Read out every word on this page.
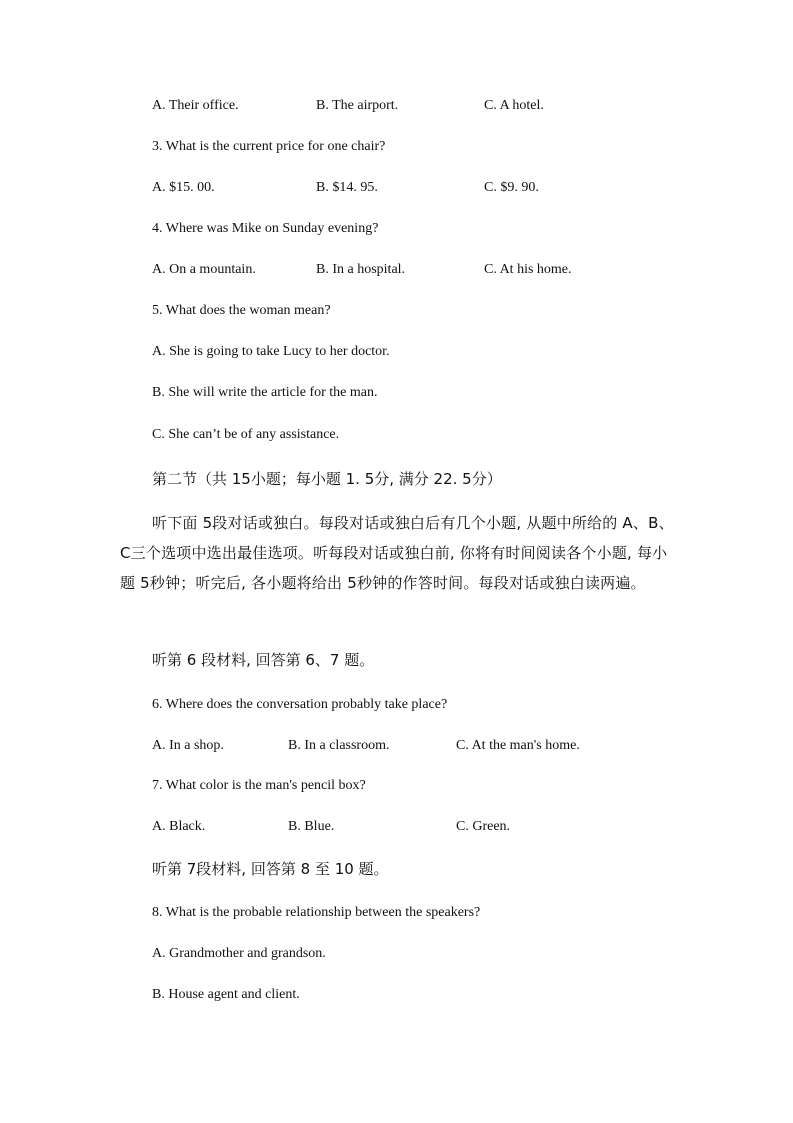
A. Their office.	B. The airport.	C. A hotel.
3. What is the current price for one chair?
A. $15. 00.	B. $14. 95.	C. $9. 90.
4. Where was Mike on Sunday evening?
A. On a mountain.	B. In a hospital.	C. At his home.
5. What does the woman mean?
A. She is going to take Lucy to her doctor.
B. She will write the article for the man.
C. She can’t be of any assistance.
第二节（共 15小题；每小题 1. 5分, 满分 22. 5分）
听下面 5段对话或独白。每段对话或独白后有几个小题, 从题中所给的 A、B、C三个选项中选出最佳选项。听每段对话或独白前, 你将有时间阅读各个小题, 每小题 5秒钟；听完后, 各小题将给出 5秒钟的作答时间。每段对话或独白读两遍。
听第 6 段材料, 回答第 6、7 题。
6. Where does the conversation probably take place?
A. In a shop.	B. In a classroom.	C. At the man's home.
7. What color is the man's pencil box?
A. Black.	B. Blue.	C. Green.
听第 7段材料, 回答第 8 至 10 题。
8. What is the probable relationship between the speakers?
A. Grandmother and grandson.
B. House agent and client.
